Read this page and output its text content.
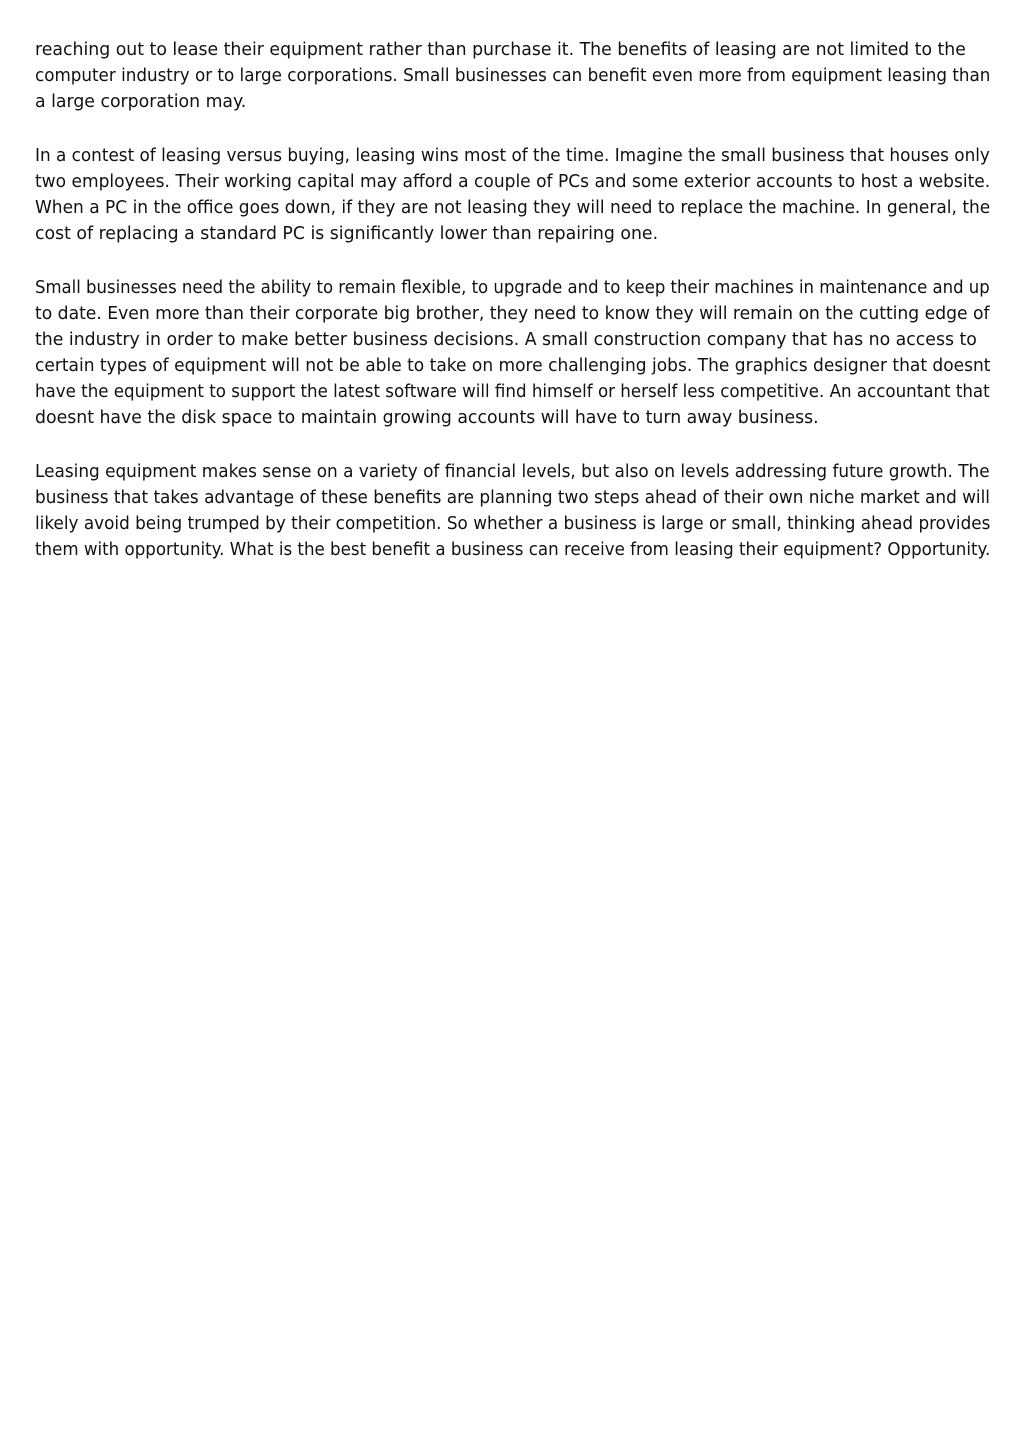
reaching out to lease their equipment rather than purchase it. The benefits of leasing are not limited to the
computer industry or to large corporations. Small businesses can benefit even more from equipment leasing than
a large corporation may.

In a contest of leasing versus buying, leasing wins most of the time. Imagine the small business that houses only
two employees. Their working capital may afford a couple of PCs and some exterior accounts to host a website.
When a PC in the office goes down, if they are not leasing they will need to replace the machine. In general, the
cost of replacing a standard PC is significantly lower than repairing one.

Small businesses need the ability to remain flexible, to upgrade and to keep their machines in maintenance and up
to date. Even more than their corporate big brother, they need to know they will remain on the cutting edge of
the industry in order to make better business decisions. A small construction company that has no access to
certain types of equipment will not be able to take on more challenging jobs. The graphics designer that doesnt
have the equipment to support the latest software will find himself or herself less competitive. An accountant that
doesnt have the disk space to maintain growing accounts will have to turn away business.

Leasing equipment makes sense on a variety of financial levels, but also on levels addressing future growth. The
business that takes advantage of these benefits are planning two steps ahead of their own niche market and will
likely avoid being trumped by their competition. So whether a business is large or small, thinking ahead provides
them with opportunity. What is the best benefit a business can receive from leasing their equipment? Opportunity.
